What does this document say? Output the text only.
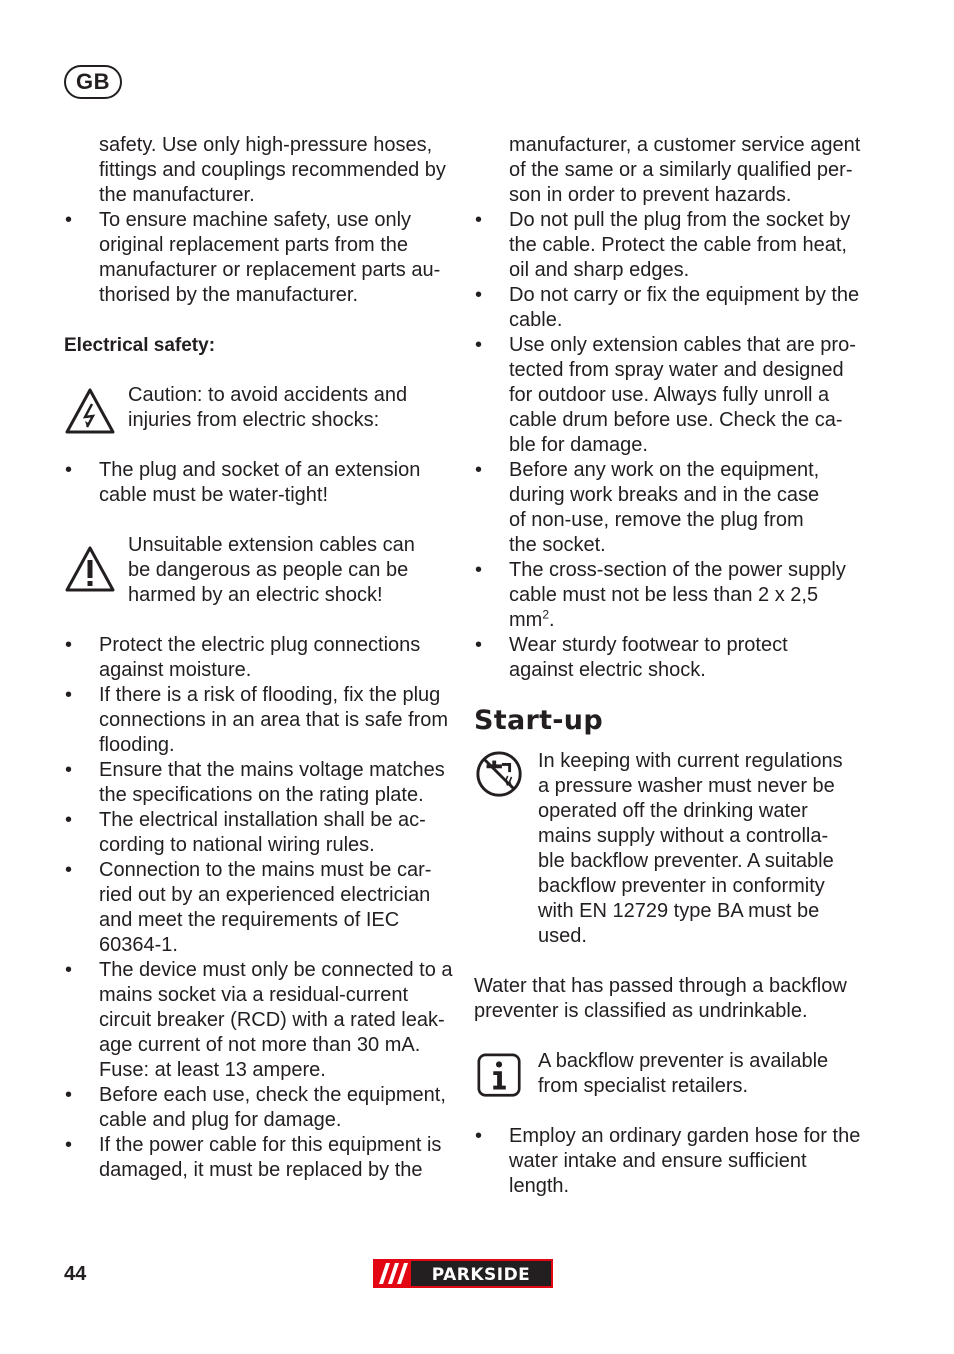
GB

safety. Use only high-pressure hoses,

fittings and couplings recommended by

the manufacturer.

• To ensure machine safety, use only original replacement parts from the manufacturer or replacement parts au-thorised by the manufacturer.

Electrical safety:

Caution: to avoid accidents and injuries from electric shocks:

• The plug and socket of an extension cable must be water-tight!

Unsuitable extension cables can be dangerous as people can be harmed by an electric shock!

• Protect the electric plug connections against moisture.
• If there is a risk of flooding, fix the plug connections in an area that is safe from flooding.
• Ensure that the mains voltage matches the specifications on the rating plate.
• The electrical installation shall be ac-cording to national wiring rules.
• Connection to the mains must be car-ried out by an experienced electrician and meet the requirements of IEC 60364-1.
• The device must only be connected to a mains socket via a residual-current circuit breaker (RCD) with a rated leak-age current of not more than 30 mA. Fuse: at least 13 ampere.
• Before each use, check the equipment, cable and plug for damage.
• If the power cable for this equipment is damaged, it must be replaced by the

manufacturer, a customer service agent of the same or a similarly qualified per-son in order to prevent hazards.

• Do not pull the plug from the socket by the cable. Protect the cable from heat, oil and sharp edges.
• Do not carry or fix the equipment by the cable.
• Use only extension cables that are pro-tected from spray water and designed for outdoor use. Always fully unroll a cable drum before use. Check the ca-ble for damage.
• Before any work on the equipment, during work breaks and in the case of non-use, remove the plug from the socket.
• The cross-section of the power supply cable must not be less than 2 x 2,5 $mm^2$.
• Wear sturdy footwear to protect against electric shock.

Start-up

In keeping with current regulations a pressure washer must never be operated off the drinking water mains supply without a controlla-ble backflow preventer. A suitable backflow preventer in conformity with EN 12729 type BA must be used.

Water that has passed through a backflow preventer is classified as undrinkable.

A backflow preventer is available from specialist retailers.

• Employ an ordinary garden hose for the water intake and ensure sufficient length.
44	PARKSIDE
